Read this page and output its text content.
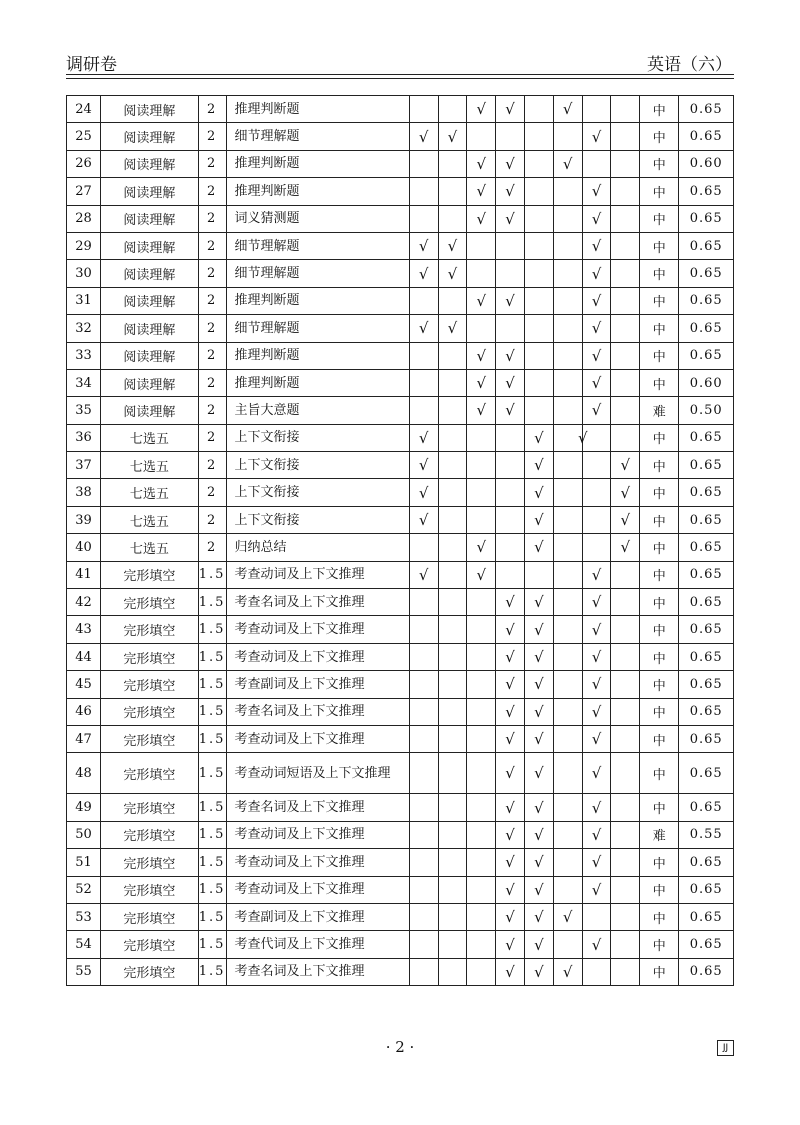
调研卷	英语（六）
24	阅读理解	2	推理判断题			√	√		√			中	0.65
25	阅读理解	2	细节理解题	√	√					√		中	0.65
26	阅读理解	2	推理判断题			√	√		√			中	0.60
27	阅读理解	2	推理判断题			√	√			√		中	0.65
28	阅读理解	2	词义猜测题			√	√			√		中	0.65
29	阅读理解	2	细节理解题	√	√					√		中	0.65
30	阅读理解	2	细节理解题	√	√					√		中	0.65
31	阅读理解	2	推理判断题			√	√			√		中	0.65
32	阅读理解	2	细节理解题	√	√					√		中	0.65
33	阅读理解	2	推理判断题			√	√			√		中	0.65
34	阅读理解	2	推理判断题			√	√			√		中	0.60
35	阅读理解	2	主旨大意题			√	√			√		难	0.50
36	七选五	2	上下文衔接	√				√	√			中	0.65
37	七选五	2	上下文衔接	√				√			√	中	0.65
38	七选五	2	上下文衔接	√				√			√	中	0.65
39	七选五	2	上下文衔接	√				√			√	中	0.65
40	七选五	2	归纳总结			√		√			√	中	0.65
41	完形填空	1.5	考查动词及上下文推理	√		√				√		中	0.65
42	完形填空	1.5	考查名词及上下文推理				√	√		√		中	0.65
43	完形填空	1.5	考查动词及上下文推理				√	√		√		中	0.65
44	完形填空	1.5	考查动词及上下文推理				√	√		√		中	0.65
45	完形填空	1.5	考查副词及上下文推理				√	√		√		中	0.65
46	完形填空	1.5	考查名词及上下文推理				√	√		√		中	0.65
47	完形填空	1.5	考查动词及上下文推理				√	√		√		中	0.65
48	完形填空	1.5	考查动词短语及上下文推理				√	√		√		中	0.65
49	完形填空	1.5	考查名词及上下文推理				√	√		√		中	0.65
50	完形填空	1.5	考查动词及上下文推理				√	√		√		难	0.55
51	完形填空	1.5	考查动词及上下文推理				√	√		√		中	0.65
52	完形填空	1.5	考查动词及上下文推理				√	√		√		中	0.65
53	完形填空	1.5	考查副词及上下文推理				√	√	√			中	0.65
54	完形填空	1.5	考查代词及上下文推理				√	√		√		中	0.65
55	完形填空	1.5	考查名词及上下文推理				√	√	√			中	0.65
· 2 ·	JJ
